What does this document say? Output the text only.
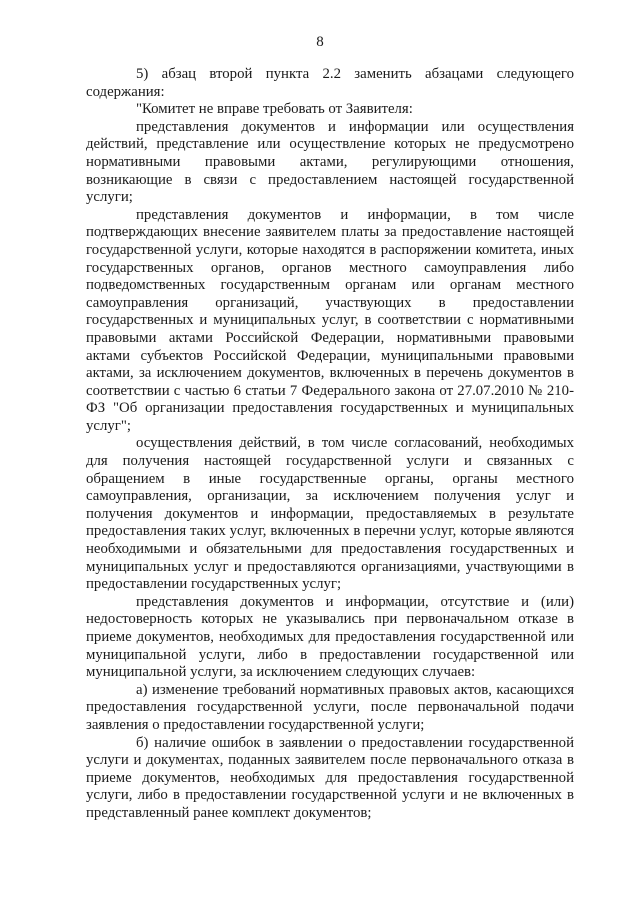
8

5) абзац второй пункта 2.2 заменить абзацами следующего содержания:

"Комитет не вправе требовать от Заявителя:

представления документов и информации или осуществления действий, представление или осуществление которых не предусмотрено нормативными правовыми актами, регулирующими отношения, возникающие в связи с предоставлением настоящей государственной услуги;

представления документов и информации, в том числе подтверждающих внесение заявителем платы за предоставление настоящей государственной услуги, которые находятся в распоряжении комитета, иных государственных органов, органов местного самоуправления либо подведомственных государственным органам или органам местного самоуправления организаций, участвующих в предоставлении государственных и муниципальных услуг, в соответствии с нормативными правовыми актами Российской Федерации, нормативными правовыми актами субъектов Российской Федерации, муниципальными правовыми актами, за исключением документов, включенных в перечень документов в соответствии с частью 6 статьи 7 Федерального закона от 27.07.2010 № 210-ФЗ "Об организации предоставления государственных и муниципальных услуг";

осуществления действий, в том числе согласований, необходимых для получения настоящей государственной услуги и связанных с обращением в иные государственные органы, органы местного самоуправления, организации, за исключением получения услуг и получения документов и информации, предоставляемых в результате предоставления таких услуг, включенных в перечни услуг, которые являются необходимыми и обязательными для предоставления государственных и муниципальных услуг и предоставляются организациями, участвующими в предоставлении государственных услуг;

представления документов и информации, отсутствие и (или) недостоверность которых не указывались при первоначальном отказе в приеме документов, необходимых для предоставления государственной или муниципальной услуги, либо в предоставлении государственной или муниципальной услуги, за исключением следующих случаев:

а) изменение требований нормативных правовых актов, касающихся предоставления государственной услуги, после первоначальной подачи заявления о предоставлении государственной услуги;

б) наличие ошибок в заявлении о предоставлении государственной услуги и документах, поданных заявителем после первоначального отказа в приеме документов, необходимых для предоставления государственной услуги, либо в предоставлении государственной услуги и не включенных в представленный ранее комплект документов;
